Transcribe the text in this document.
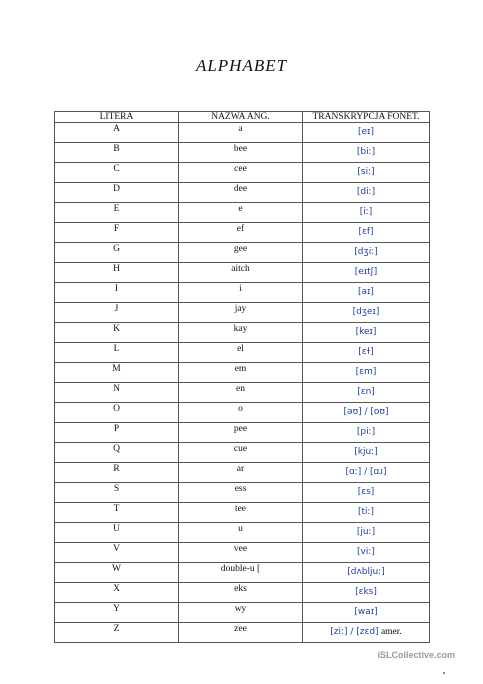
ALPHABET
LITERA	NAZWA ANG.	TRANSKRYPCJA FONET.
A	a	[eɪ]

B	bee	[biː]

C	cee	[siː]

D	dee	[diː]

E	e	[iː]

F	ef	[ɛf]

G	gee	[dʒiː]

H	aitch	[eɪtʃ]

I	i	[aɪ]

J	jay	[dʒeɪ]

K	kay	[keɪ]

L	el	[ɛɫ]

M	em	[ɛm]

N	en	[ɛn]

O	o	[əʊ] / [oʊ]

P	pee	[piː]

Q	cue	[kjuː]

R	ar	[ɑː] / [ɑɹ]

S	ess	[ɛs]

T	tee	[tiː]

U	u	[juː]

V	vee	[viː]

W	double-u [	[dʌbljuː]

X	eks	[ɛks]

Y	wy	[waɪ]

Z	zee	[ziː] / [zɛd] amer.
iSLCollective.com
